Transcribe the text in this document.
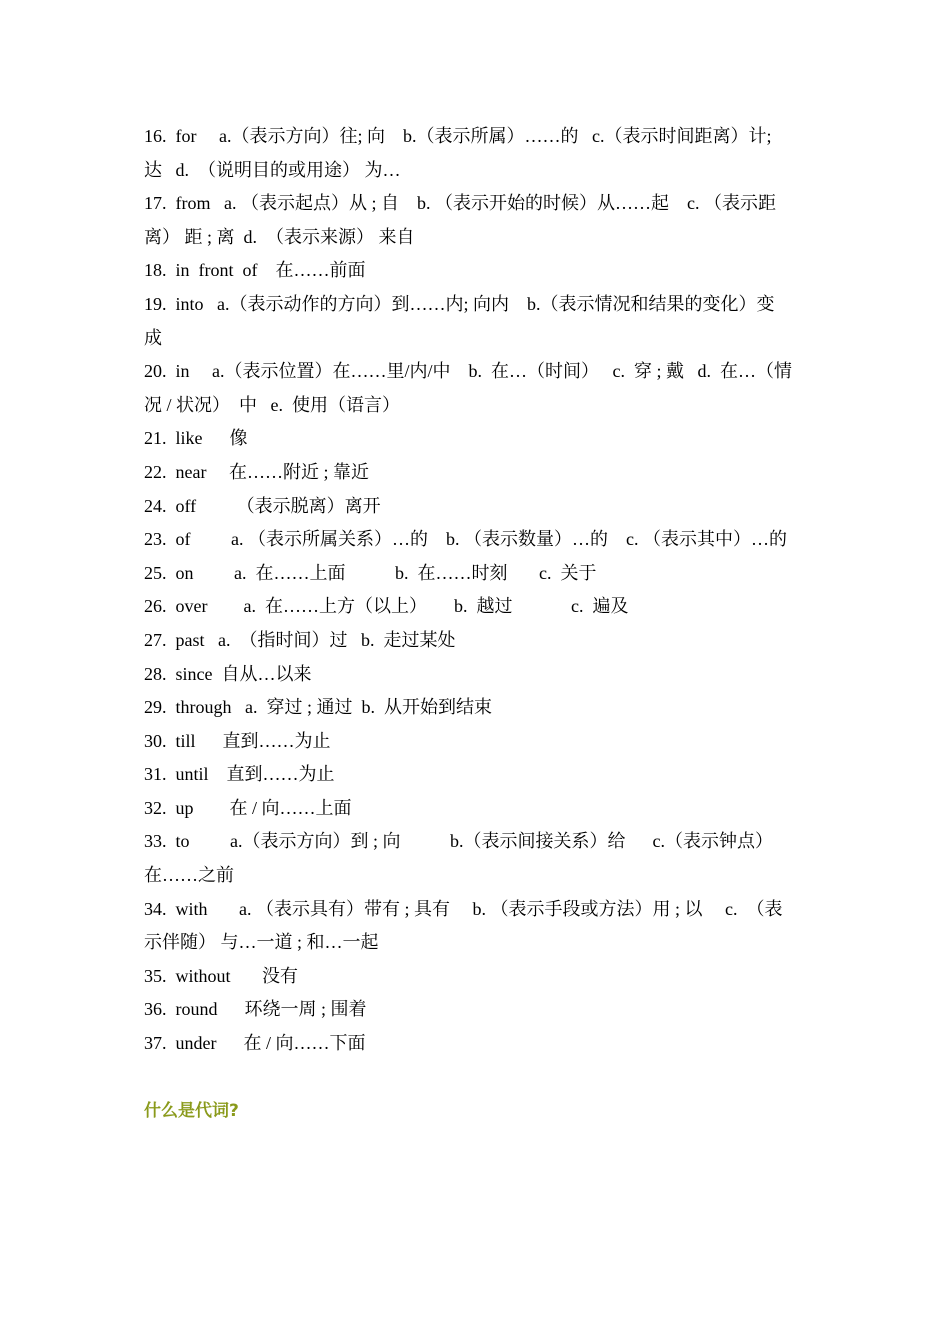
16.  for     a.（表示方向）往; 向    b.（表示所属）……的   c.（表示时间距离）计;
达   d.  （说明目的或用途） 为…
17.  from   a. （表示起点）从 ; 自    b. （表示开始的时候）从……起    c. （表示距
离） 距 ; 离  d.  （表示来源） 来自
18.  in  front  of    在……前面
19.  into   a.（表示动作的方向）到……内; 向内    b.（表示情况和结果的变化）变
成
20.  in     a.（表示位置）在……里/内/中    b.  在…（时间）   c.  穿 ; 戴   d.  在…（情
况 / 状况）  中   e.  使用（语言）
21.  like      像
22.  near     在……附近 ; 靠近
24.  off         （表示脱离）离开
23.  of         a. （表示所属关系）…的    b. （表示数量）…的    c. （表示其中）…的
25.  on         a.  在……上面           b.  在……时刻       c.  关于
26.  over        a.  在……上方（以上）      b.  越过             c.  遍及
27.  past   a.  （指时间）过   b.  走过某处
28.  since  自从…以来
29.  through   a.  穿过 ; 通过  b.  从开始到结束
30.  till      直到……为止
31.  until    直到……为止
32.  up        在 / 向……上面
33.  to         a.（表示方向）到 ; 向           b.（表示间接关系）给      c.（表示钟点）
在……之前
34.  with       a. （表示具有）带有 ; 具有     b. （表示手段或方法）用 ; 以     c.  （表
示伴随） 与…一道 ; 和…一起
35.  without       没有
36.  round      环绕一周 ; 围着
37.  under      在 / 向……下面
什么是代词?
